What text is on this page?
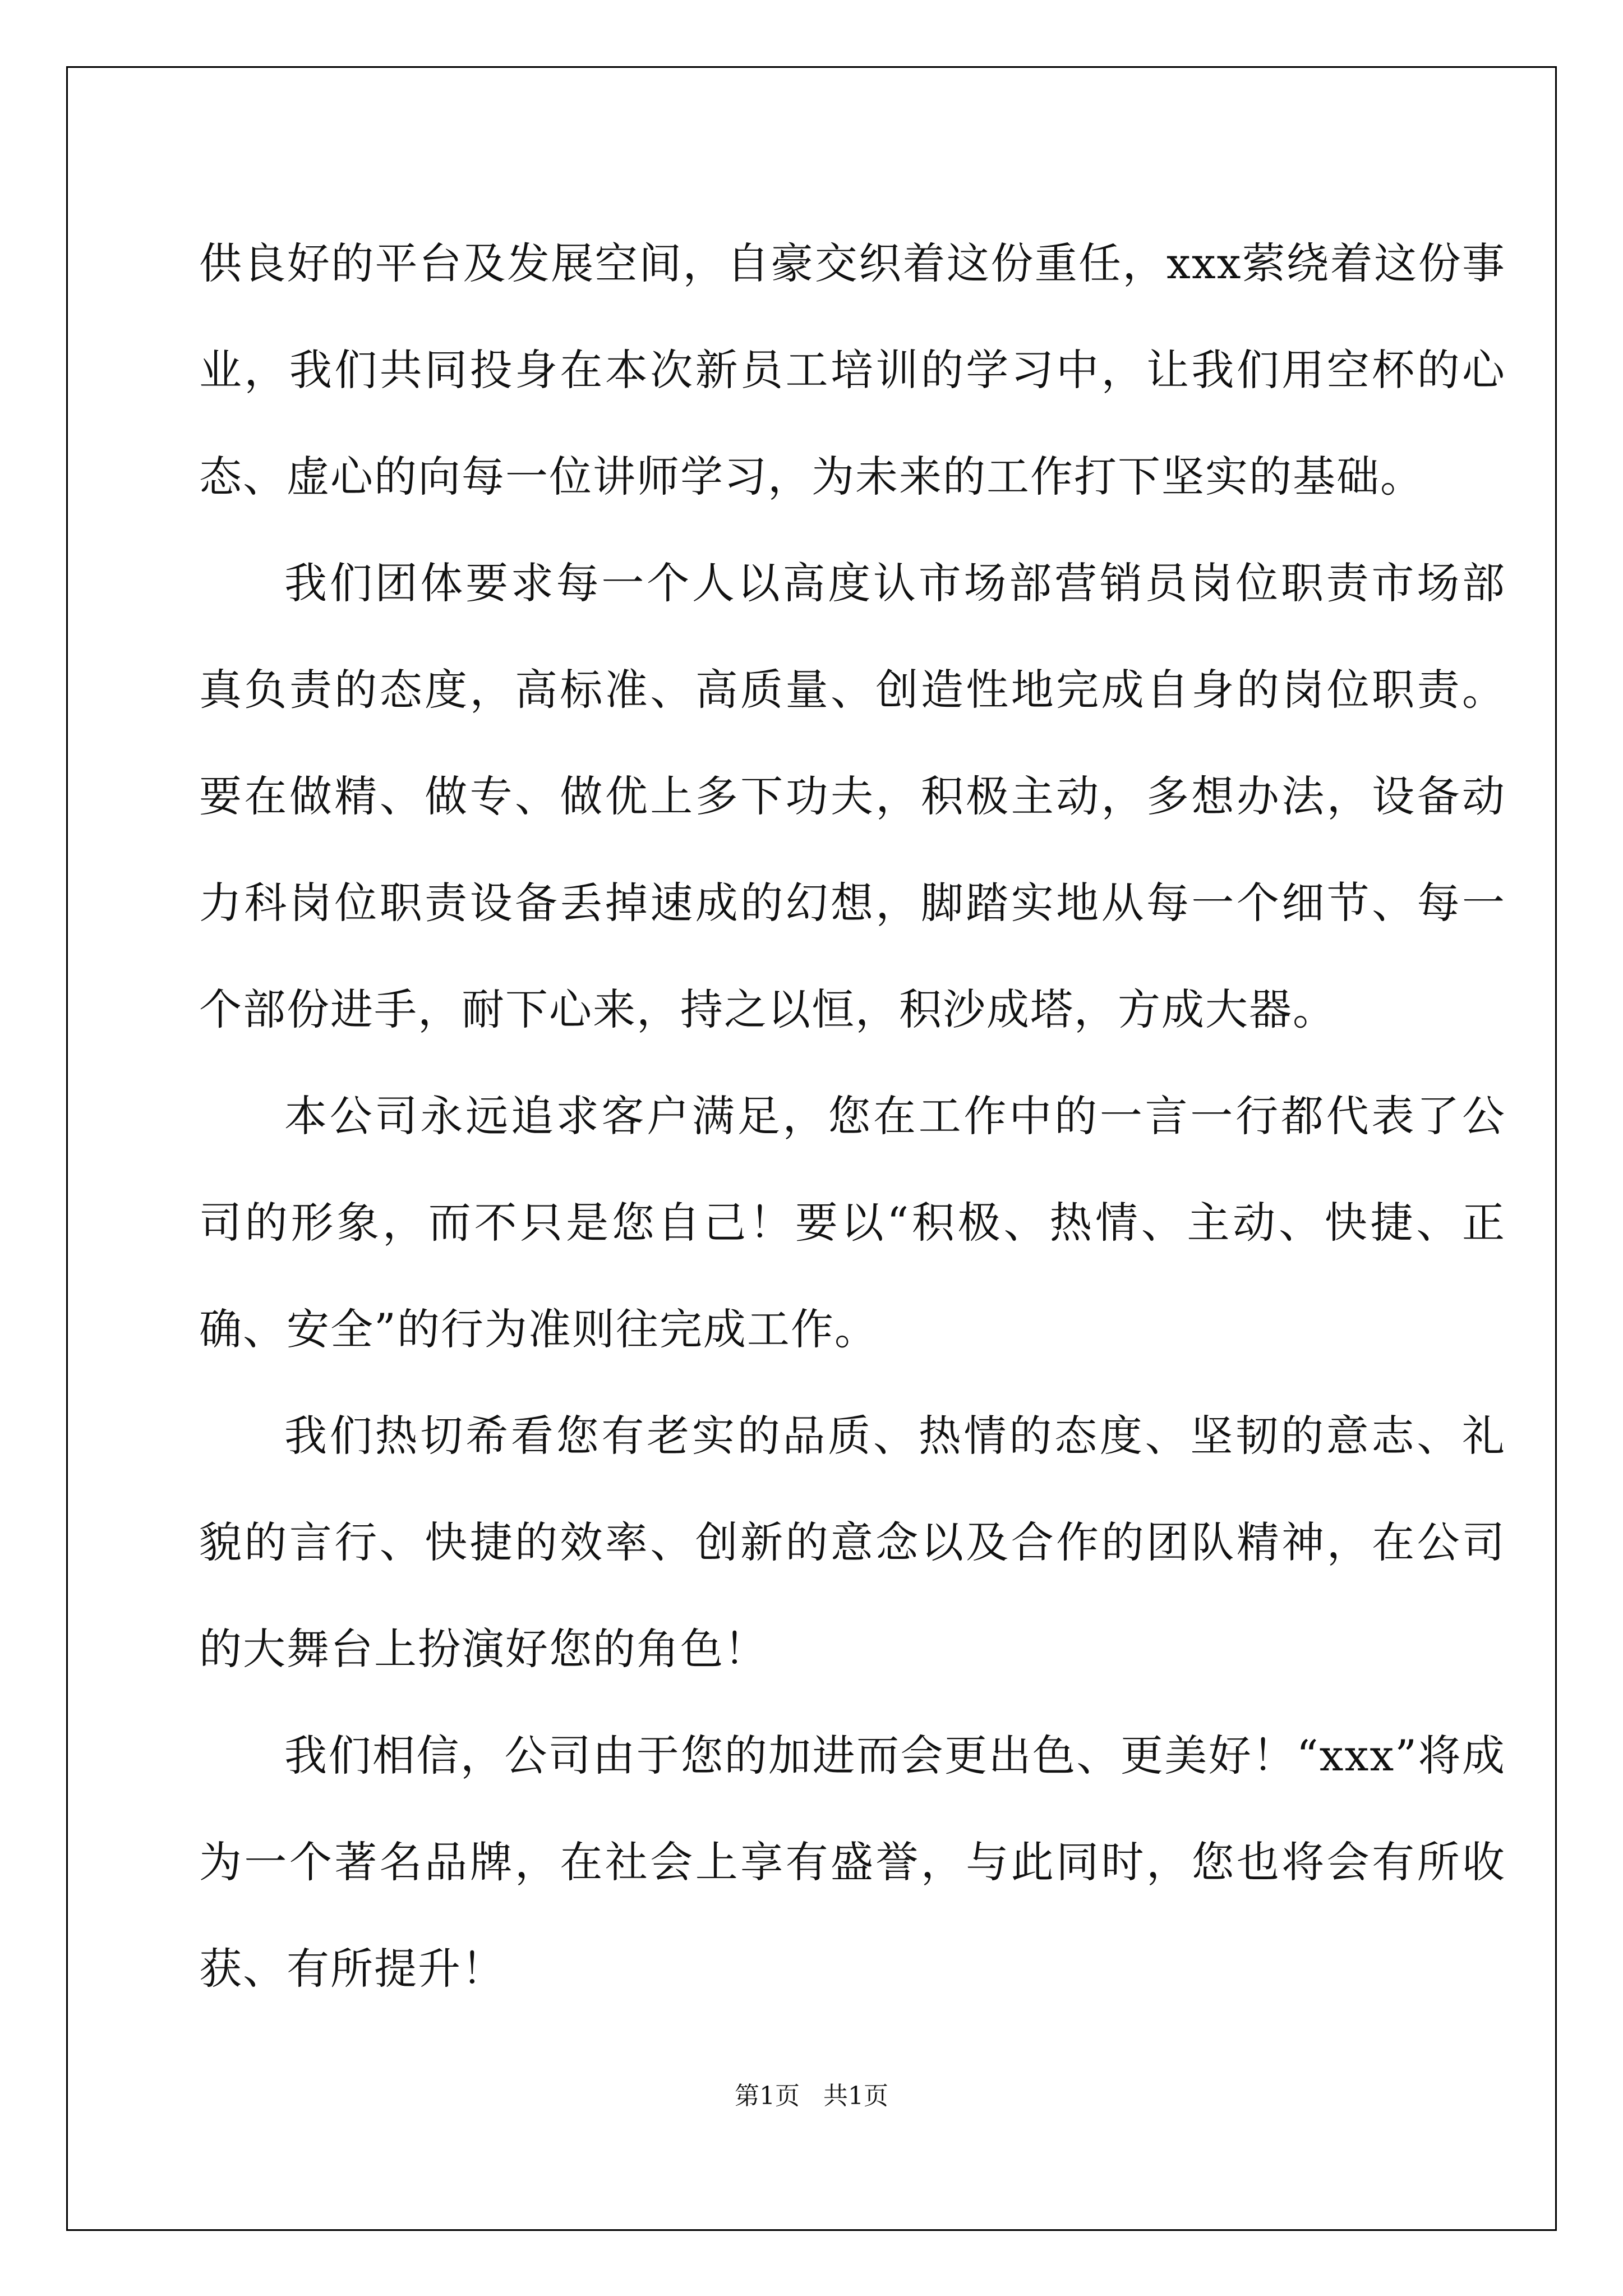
供良好的平台及发展空间，自豪交织着这份重任，xxx萦绕着这份事业，我们共同投身在本次新员工培训的学习中，让我们用空杯的心态、虚心的向每一位讲师学习，为未来的工作打下坚实的基础。

我们团体要求每一个人以高度认市场部营销员岗位职责市场部真负责的态度，高标准、高质量、创造性地完成自身的岗位职责。要在做精、做专、做优上多下功夫，积极主动，多想办法，设备动力科岗位职责设备丢掉速成的幻想，脚踏实地从每一个细节、每一个部份进手，耐下心来，持之以恒，积沙成塔，方成大器。

本公司永远追求客户满足，您在工作中的一言一行都代表了公司的形象，而不只是您自己！要以“积极、热情、主动、快捷、正确、安全”的行为准则往完成工作。

我们热切希看您有老实的品质、热情的态度、坚韧的意志、礼貌的言行、快捷的效率、创新的意念以及合作的团队精神，在公司的大舞台上扮演好您的角色！

我们相信，公司由于您的加进而会更出色、更美好！“xxx”将成为一个著名品牌，在社会上享有盛誉，与此同时，您也将会有所收获、有所提升！

第1页 共1页
